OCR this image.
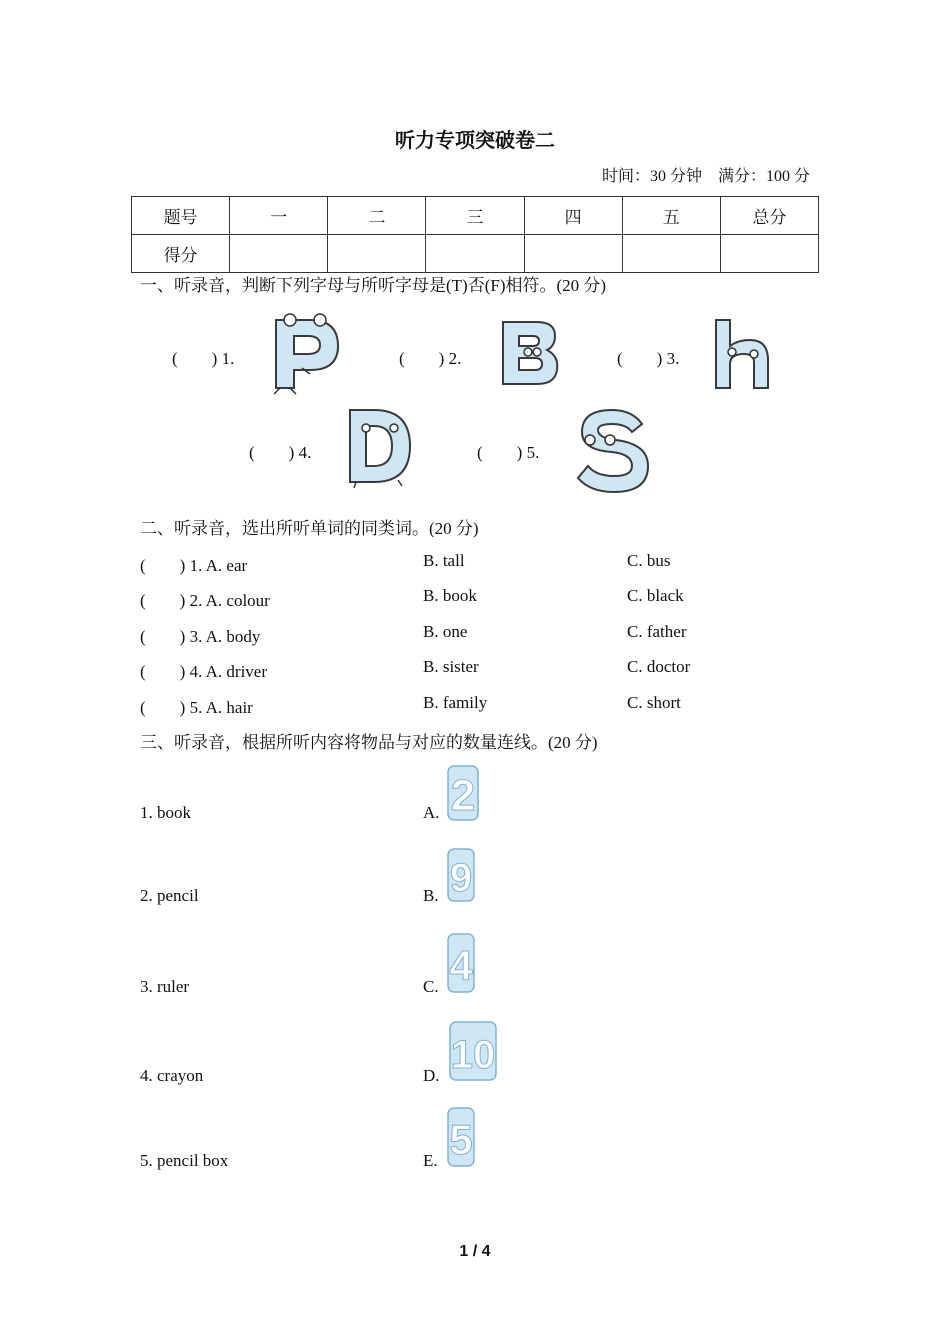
听力专项突破卷二
时间：30 分钟　满分：100 分
题号	一	二	三	四	五	总分
得分						
一、听录音，判断下列字母与所听字母是(T)否(F)相符。(20 分)
(　　) 1.	(　　) 2.	(　　) 3.
(　　) 4.	(　　) 5.
二、听录音，选出所听单词的同类词。(20 分)
(　　) 1. A. ear	B. tall	C. bus
(　　) 2. A. colour	B. book	C. black
(　　) 3. A. body	B. one	C. father
(　　) 4. A. driver	B. sister	C. doctor
(　　) 5. A. hair	B. family	C. short
三、听录音，根据所听内容将物品与对应的数量连线。(20 分)
1. book	A. 2
2. pencil	B. 9
3. ruler	C. 4
4. crayon	D. 10
5. pencil box	E. 5
1 / 4
